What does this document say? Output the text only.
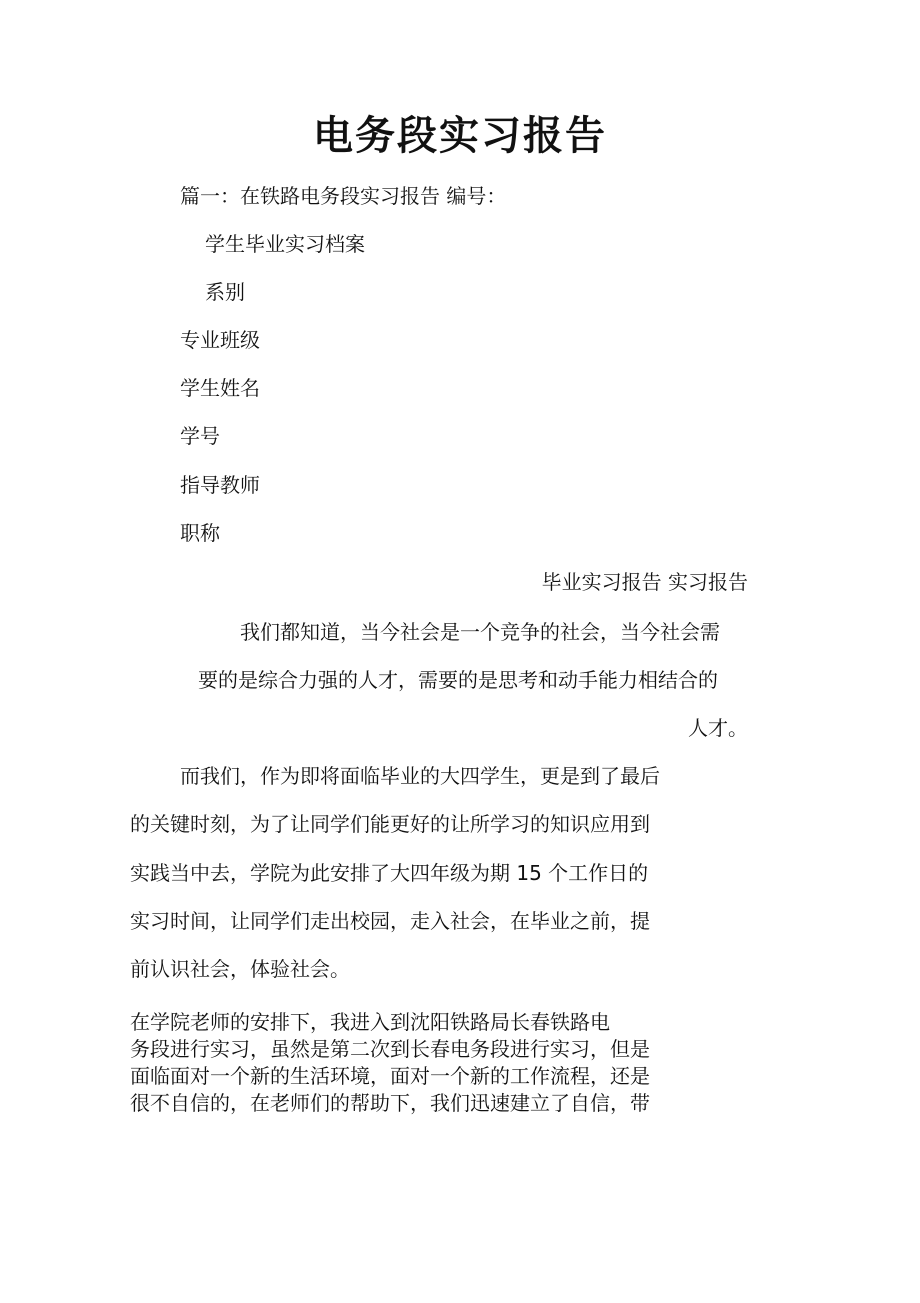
电务段实习报告
篇一：在铁路电务段实习报告 编号：
学生毕业实习档案
系别
专业班级
学生姓名
学号
指导教师
职称
毕业实习报告 实习报告
我们都知道，当今社会是一个竞争的社会，当今社会需
要的是综合力强的人才，需要的是思考和动手能力相结合的
人才。
而我们，作为即将面临毕业的大四学生，更是到了最后
的关键时刻，为了让同学们能更好的让所学习的知识应用到
实践当中去，学院为此安排了大四年级为期 15 个工作日的
实习时间，让同学们走出校园，走入社会，在毕业之前，提
前认识社会，体验社会。
在学院老师的安排下，我进入到沈阳铁路局长春铁路电
务段进行实习，虽然是第二次到长春电务段进行实习，但是
面临面对一个新的生活环境，面对一个新的工作流程，还是
很不自信的，在老师们的帮助下，我们迅速建立了自信，带
